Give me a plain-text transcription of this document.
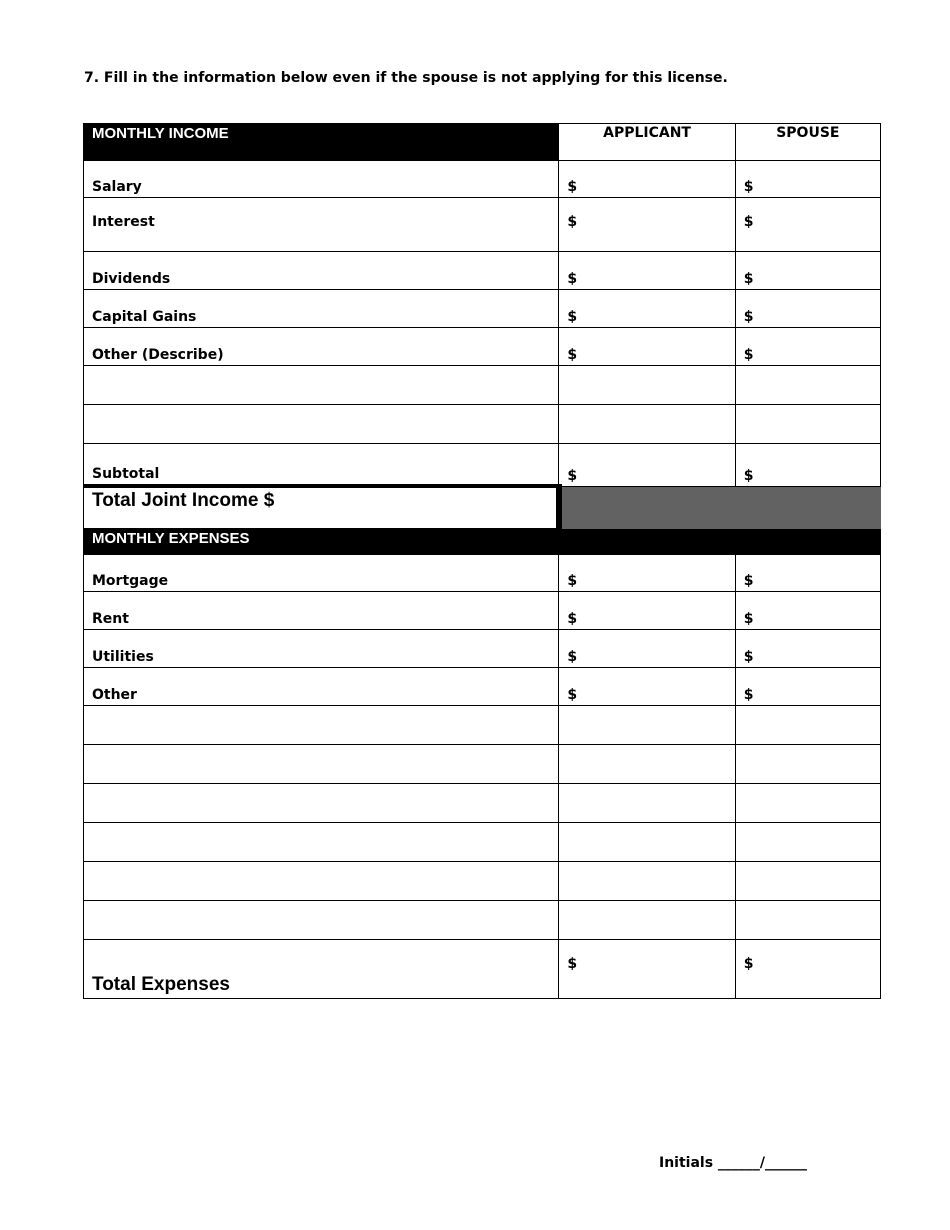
7. Fill in the information below even if the spouse is not applying for this license.
MONTHLY INCOME	APPLICANT	SPOUSE
Salary	$	$
Interest	$	$
Dividends	$	$
Capital Gains	$	$
Other (Describe)	$	$

Subtotal	$	$
Total Joint Income $		
MONTHLY EXPENSES		
Mortgage	$	$
Rent	$	$
Utilities	$	$
Other	$	$

Total Expenses	$	$
Initials ______/______
